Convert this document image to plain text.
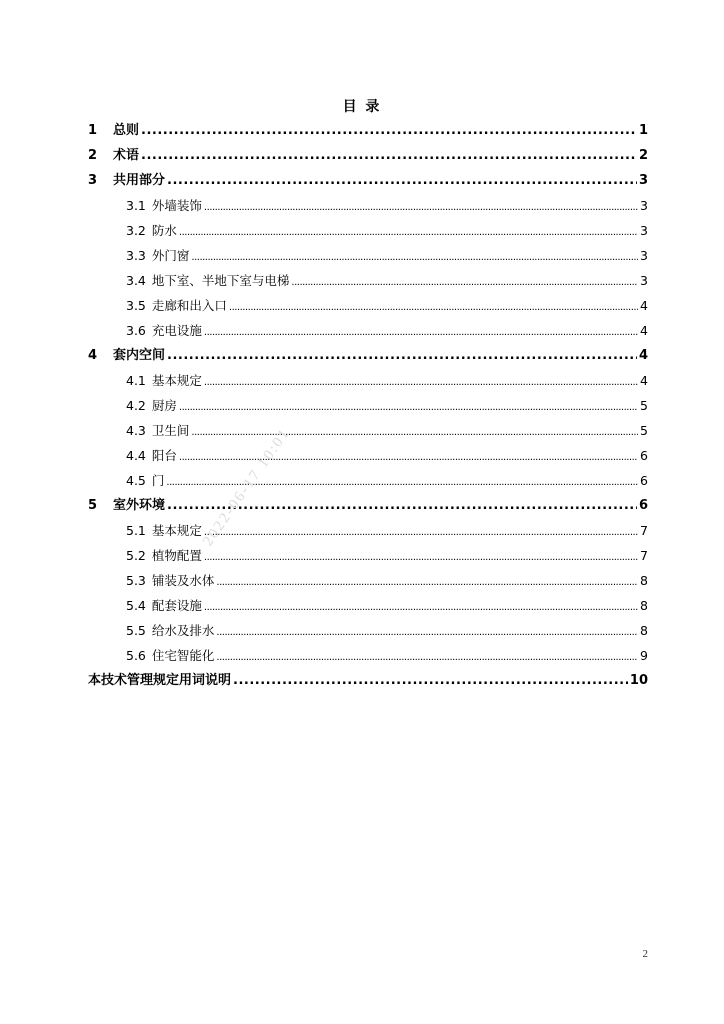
目 录
1	总则 .....	1
2	术语 .....	2
3	共用部分 .....	3
3.1 外墙装饰 .....	3
3.2 防水 .....	3
3.3 外门窗 .....	3
3.4 地下室、半地下室与电梯 .....	3
3.5 走廊和出入口 .....	4
3.6 充电设施 .....	4
4	套内空间 .....	4
4.1 基本规定 .....	4
4.2 厨房 .....	5
4.3 卫生间 .....	5
4.4 阳台 .....	6
4.5 门 .....	6
5	室外环境 .....	6
5.1 基本规定 .....	7
5.2 植物配置 .....	7
5.3 铺装及水体 .....	8
5.4 配套设施 .....	8
5.5 给水及排水 .....	8
5.6 住宅智能化 .....	9
本技术管理规定用词说明 .....	10
2022-06-17 10:01
2
